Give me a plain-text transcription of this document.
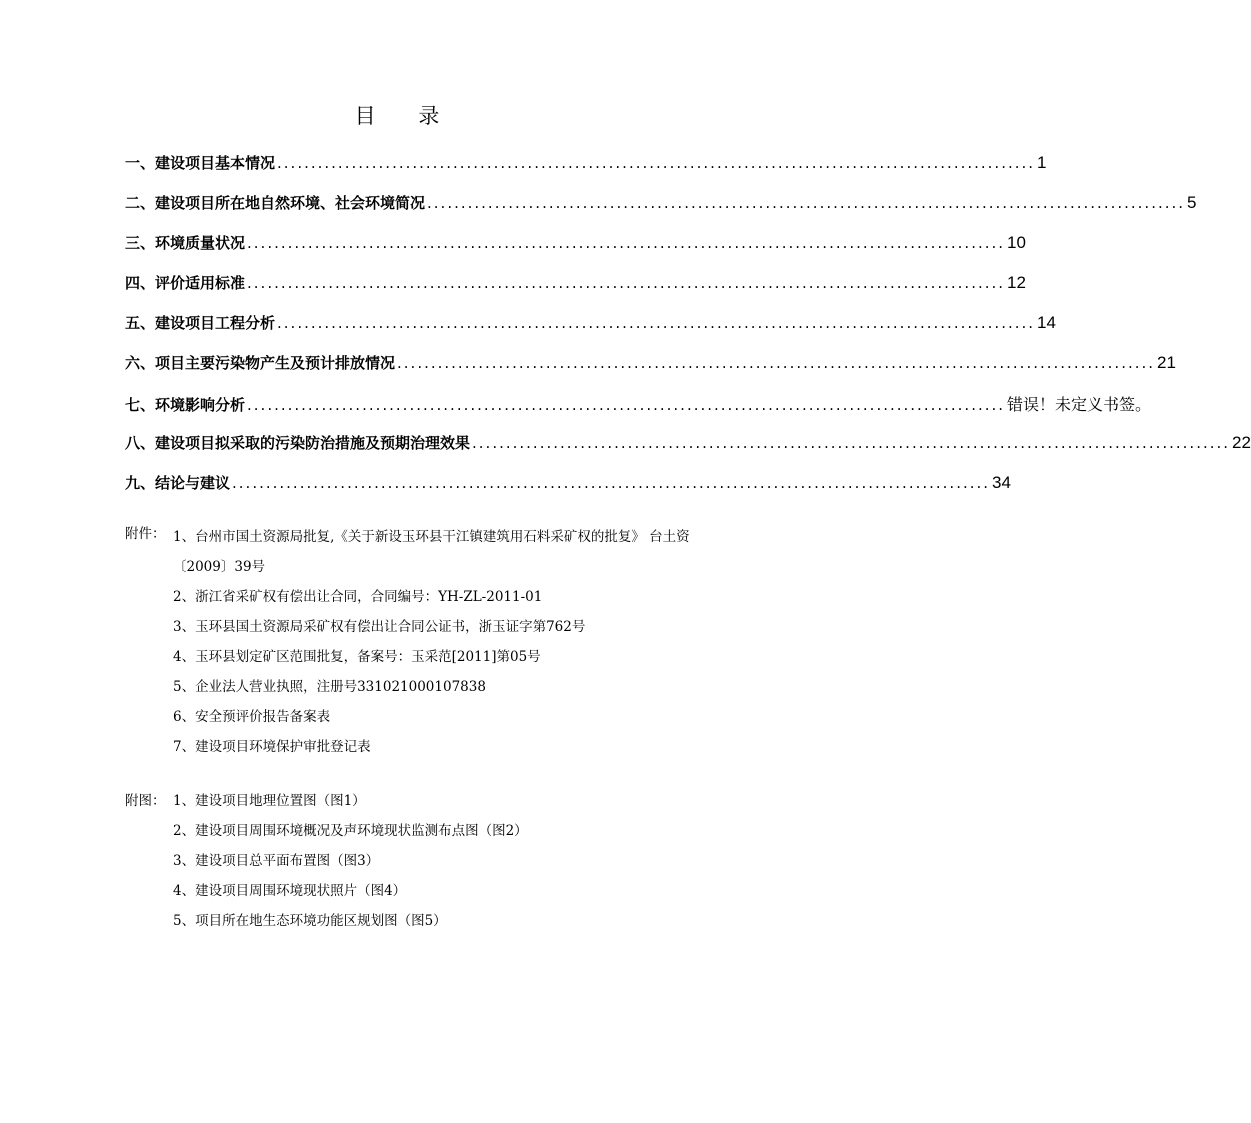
目 录
一、建设项目基本情况 ................................................................................................................ 1
二、建设项目所在地自然环境、社会环境简况 ................................................................................................................ 5
三、环境质量状况 ................................................................................................................ 10
四、评价适用标准 ................................................................................................................ 12
五、建设项目工程分析 ................................................................................................................ 14
六、项目主要污染物产生及预计排放情况 ................................................................................................................ 21
七、环境影响分析 ................................................................................................................ 错误！未定义书签。
八、建设项目拟采取的污染防治措施及预期治理效果 ................................................................................................................ 22
九、结论与建议 ................................................................................................................ 34
附件： 1、台州市国土资源局批复,《关于新设玉环县干江镇建筑用石料采矿权的批复》 台土资〔2009〕39号
2、浙江省采矿权有偿出让合同，合同编号：YH-ZL-2011-01
3、玉环县国土资源局采矿权有偿出让合同公证书，浙玉证字第762号
4、玉环县划定矿区范围批复，备案号：玉采范[2011]第05号
5、企业法人营业执照，注册号331021000107838
6、安全预评价报告备案表
7、建设项目环境保护审批登记表
附图： 1、建设项目地理位置图（图1）
2、建设项目周围环境概况及声环境现状监测布点图（图2）
3、建设项目总平面布置图（图3）
4、建设项目周围环境现状照片（图4）
5、项目所在地生态环境功能区规划图（图5）
